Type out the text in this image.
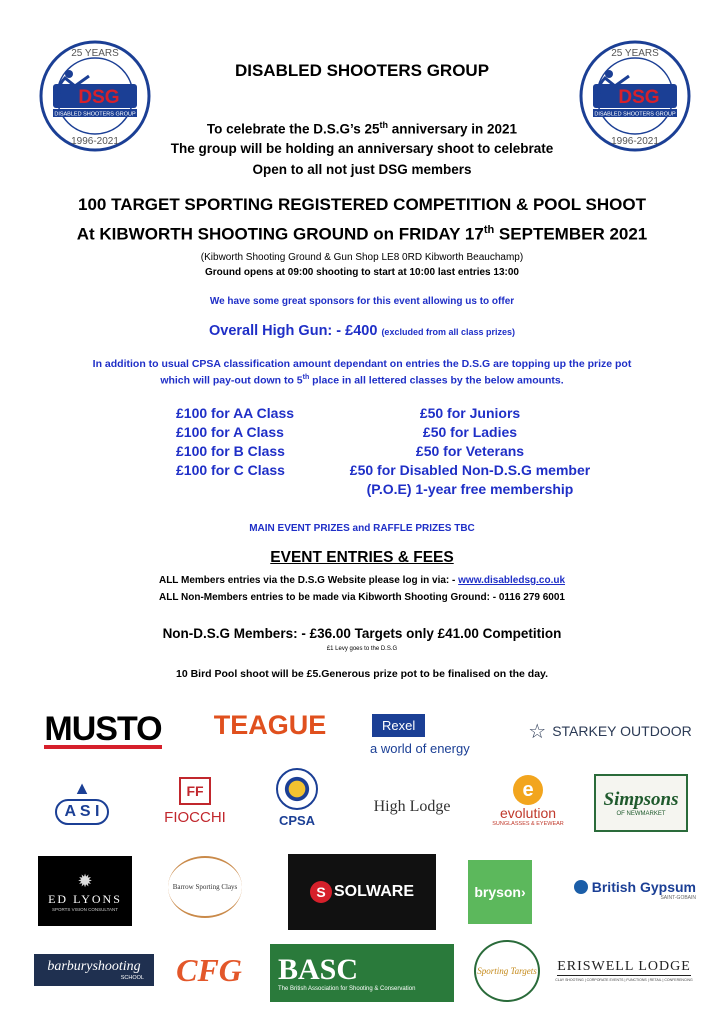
25 YEARS
1996-2021
DSG
DISABLED SHOOTERS GROUP
25 YEARS
1996-2021
DSG
DISABLED SHOOTERS GROUP
DISABLED SHOOTERS GROUP
To celebrate the D.S.G’s 25th anniversary in 2021
The group will be holding an anniversary shoot to celebrate
Open to all not just DSG members
100 TARGET SPORTING REGISTERED COMPETITION & POOL SHOOT
At KIBWORTH SHOOTING GROUND on FRIDAY 17th SEPTEMBER 2021
(Kibworth Shooting Ground & Gun Shop LE8 0RD Kibworth Beauchamp)
Ground opens at 09:00 shooting to start at 10:00 last entries 13:00
We have some great sponsors for this event allowing us to offer
Overall High Gun: - £400 (excluded from all class prizes)
In addition to usual CPSA classification amount dependant on entries the D.S.G are topping up the prize pot
which will pay-out down to 5th place in all lettered classes by the below amounts.
£100 for AA Class
£100 for A Class
£100 for B Class
£100 for C Class
£50 for Juniors
£50 for Ladies
£50 for Veterans
£50 for Disabled Non-D.S.G member
(P.O.E) 1-year free membership
MAIN EVENT PRIZES and RAFFLE PRIZES TBC
EVENT ENTRIES & FEES
ALL Members entries via the D.S.G Website please log in via: - www.disabledsg.co.uk
ALL Non-Members entries to be made via Kibworth Shooting Ground: - 0116 279 6001
Non-D.S.G Members: - £36.00 Targets only £41.00 Competition
£1 Levy goes to the D.S.G
10 Bird Pool shoot will be £5.Generous prize pot to be finalised on the day.
MUSTO	TEAGUE	Rexel
a world of energy
☆ STARKEY OUTDOOR
▲
A S I
FF
FIOCCHI	CPSA
High Lodge
e
evolution
SUNGLASSES & EYEWEAR
Simpsons
OF NEWMARKET
✹
ED LYONS
SPORTS VISION CONSULTANT
Barrow Sporting Clays	S SOLWARE	bryson ›	British Gypsum
SAINT-GOBAIN
barburyshooting
SCHOOL CFG BASC
The British Association for Shooting & Conservation
Sporting Targets ERISWELL LODGE
CLAY SHOOTING | CORPORATE EVENTS | FUNCTIONS | RETAIL | CONFERENCING
